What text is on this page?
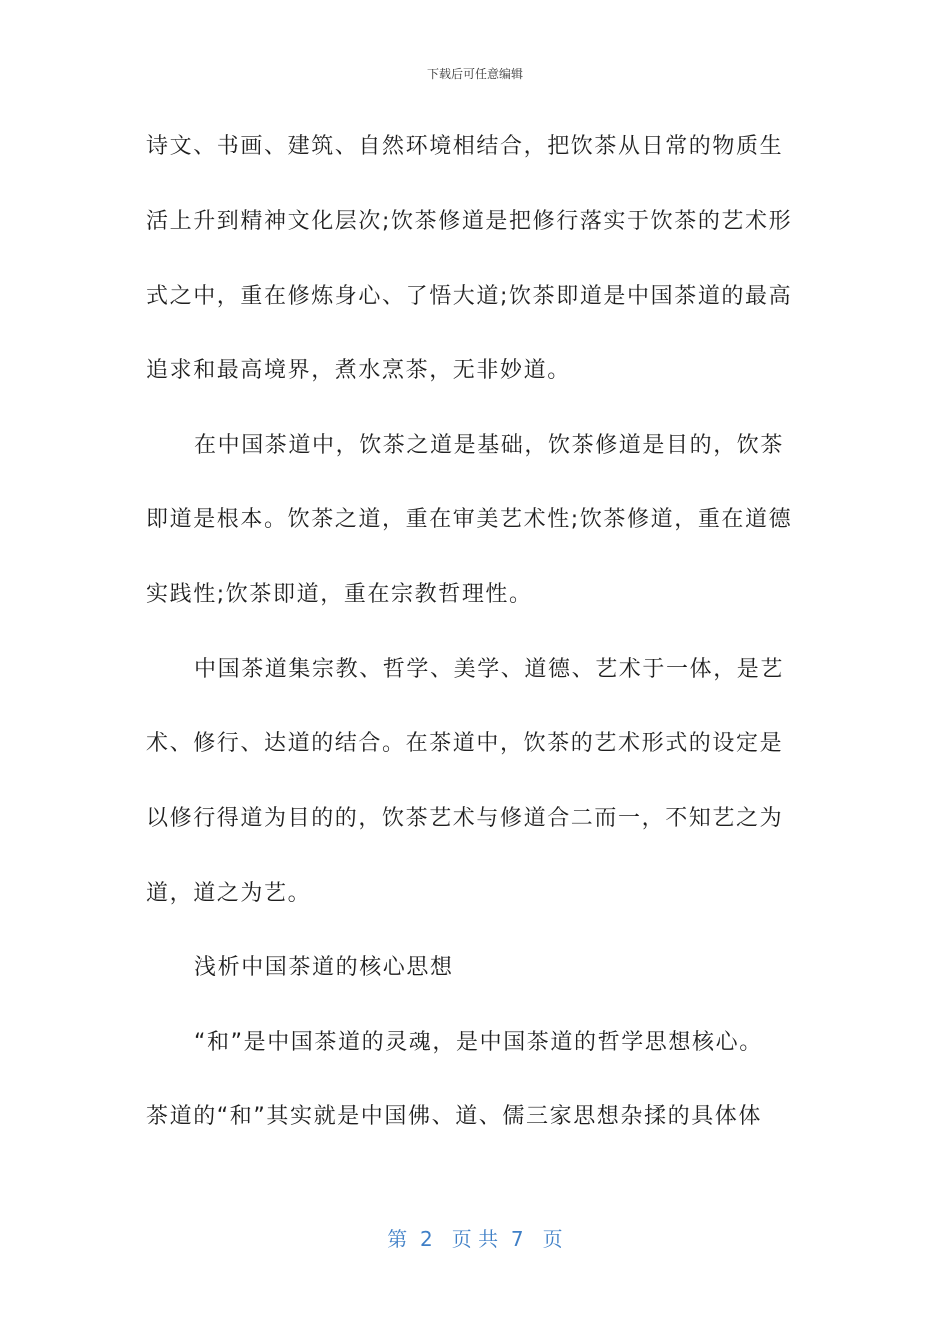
下载后可任意编辑
诗文、书画、建筑、自然环境相结合，把饮茶从日常的物质生
活上升到精神文化层次;饮茶修道是把修行落实于饮茶的艺术形
式之中，重在修炼身心、了悟大道;饮茶即道是中国茶道的最高
追求和最高境界，煮水烹茶，无非妙道。
在中国茶道中，饮茶之道是基础，饮茶修道是目的，饮茶
即道是根本。饮茶之道，重在审美艺术性;饮茶修道，重在道德
实践性;饮茶即道，重在宗教哲理性。
中国茶道集宗教、哲学、美学、道德、艺术于一体，是艺
术、修行、达道的结合。在茶道中，饮茶的艺术形式的设定是
以修行得道为目的的，饮茶艺术与修道合二而一，不知艺之为
道，道之为艺。
浅析中国茶道的核心思想
“和”是中国茶道的灵魂，是中国茶道的哲学思想核心。
茶道的“和”其实就是中国佛、道、儒三家思想杂揉的具体体
第  2   页 共  7   页
